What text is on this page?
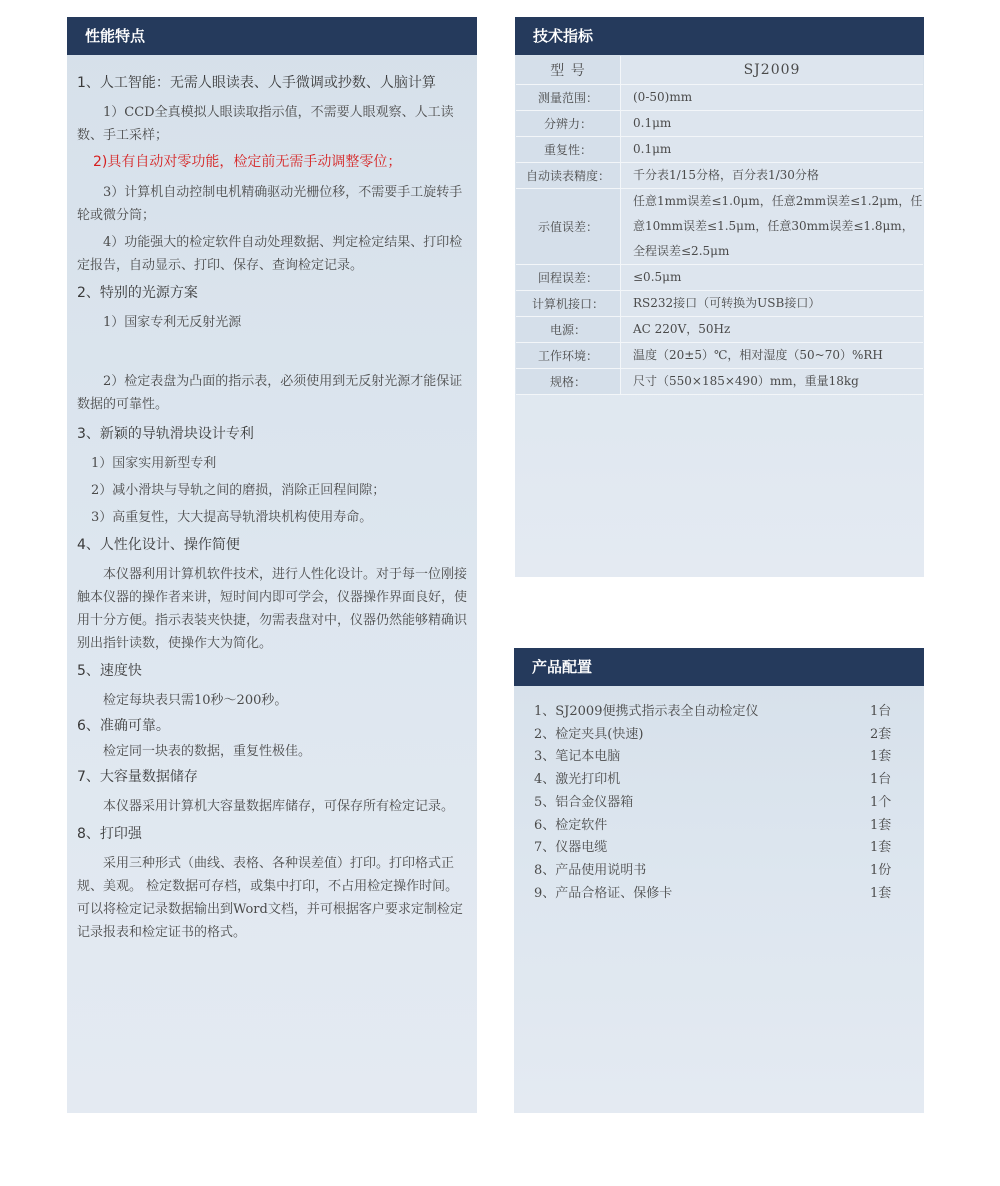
性能特点
1、人工智能：无需人眼读表、人手微调或抄数、人脑计算

1）CCD全真模拟人眼读取指示值，不需要人眼观察、人工读数、手工采样；

2)具有自动对零功能，检定前无需手动调整零位；

3）计算机自动控制电机精确驱动光栅位移，不需要手工旋转手轮或微分筒；

4）功能强大的检定软件自动处理数据、判定检定结果、打印检定报告，自动显示、打印、保存、查询检定记录。

2、特别的光源方案

1）国家专利无反射光源

2）检定表盘为凸面的指示表，必须使用到无反射光源才能保证数据的可靠性。

3、新颖的导轨滑块设计专利

1）国家实用新型专利

2）减小滑块与导轨之间的磨损，消除正回程间隙；

3）高重复性，大大提高导轨滑块机构使用寿命。

4、人性化设计、操作简便

本仪器利用计算机软件技术，进行人性化设计。对于每一位刚接触本仪器的操作者来讲，短时间内即可学会，仪器操作界面良好，使用十分方便。指示表装夹快捷，勿需表盘对中，仪器仍然能够精确识别出指针读数，使操作大为简化。

5、速度快

检定每块表只需10秒～200秒。

6、准确可靠。

检定同一块表的数据，重复性极佳。

7、大容量数据储存

本仪器采用计算机大容量数据库储存，可保存所有检定记录。

8、打印强

采用三种形式（曲线、表格、各种误差值）打印。打印格式正规、美观。 检定数据可存档，或集中打印，不占用检定操作时间。可以将检定记录数据输出到Word文档，并可根据客户要求定制检定记录报表和检定证书的格式。

技术指标
型 号	SJ2009
测量范围：	(0-50)mm
分辨力：	0.1μm
重复性：	0.1μm
自动读表精度：	千分表1/15分格，百分表1/30分格
示值误差：	任意1mm误差≤1.0μm，任意2mm误差≤1.2μm，任意10mm误差≤1.5μm，任意30mm误差≤1.8μm，全程误差≤2.5μm
回程误差：	≤0.5μm
计算机接口：	RS232接口（可转换为USB接口）
电源：	AC 220V，50Hz
工作环境：	温度（20±5）℃，相对湿度（50~70）%RH
规格：	尺寸（550×185×490）mm，重量18kg
产品配置
1、SJ2009便携式指示表全自动检定仪	1台
2、检定夹具(快速)	2套
3、笔记本电脑	1套
4、激光打印机	1台
5、铝合金仪器箱	1个
6、检定软件	1套
7、仪器电缆	1套
8、产品使用说明书	1份
9、产品合格证、保修卡	1套
